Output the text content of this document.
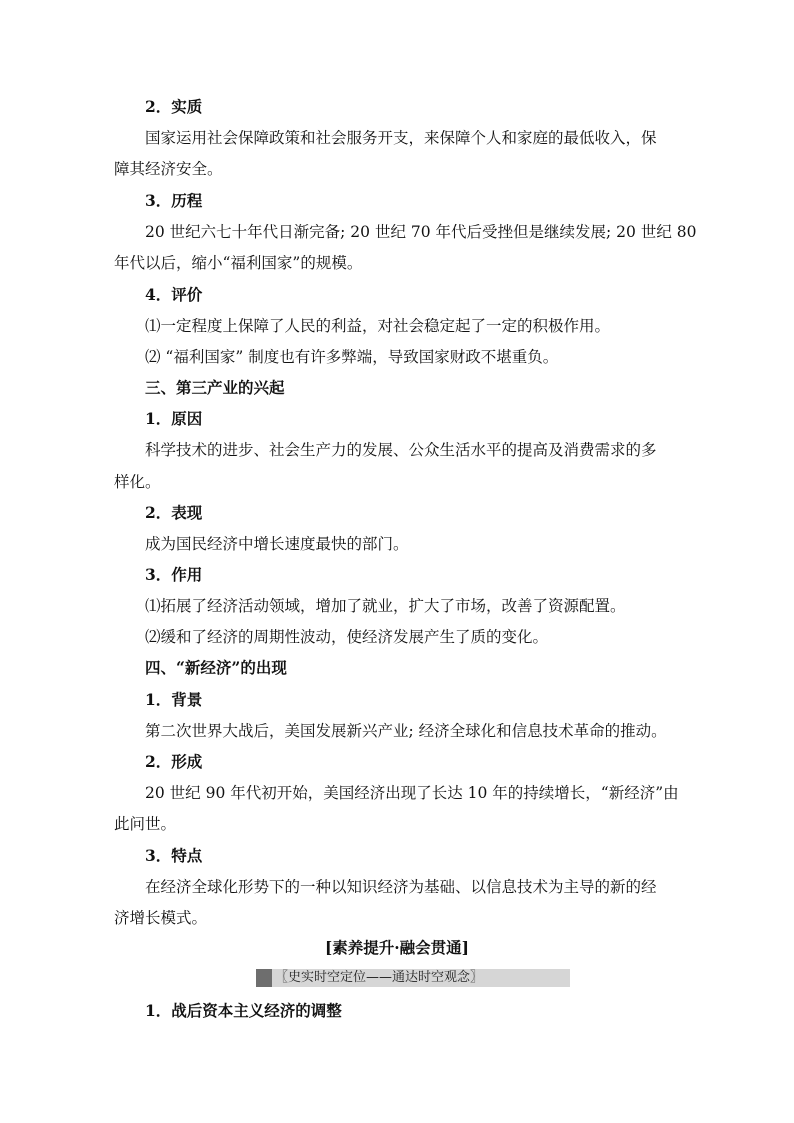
2．实质
国家运用社会保障政策和社会服务开支，来保障个人和家庭的最低收入，保
障其经济安全。
3．历程
20 世纪六七十年代日渐完备; 20 世纪 70 年代后受挫但是继续发展; 20 世纪 80
年代以后，缩小“福利国家”的规模。
4．评价
⑴一定程度上保障了人民的利益，对社会稳定起了一定的积极作用。
⑵ “福利国家” 制度也有许多弊端，导致国家财政不堪重负。
三、第三产业的兴起
1．原因
科学技术的进步、社会生产力的发展、公众生活水平的提高及消费需求的多
样化。
2．表现
成为国民经济中增长速度最快的部门。
3．作用
⑴拓展了经济活动领域，增加了就业，扩大了市场，改善了资源配置。
⑵缓和了经济的周期性波动，使经济发展产生了质的变化。
四、“新经济”的出现
1．背景
第二次世界大战后，美国发展新兴产业; 经济全球化和信息技术革命的推动。
2．形成
20 世纪 90 年代初开始，美国经济出现了长达 10 年的持续增长，“新经济”由
此问世。
3．特点
在经济全球化形势下的一种以知识经济为基础、以信息技术为主导的新的经
济增长模式。
[素养提升·融会贯通]
〖史实时空定位——通达时空观念〗
1．战后资本主义经济的调整
